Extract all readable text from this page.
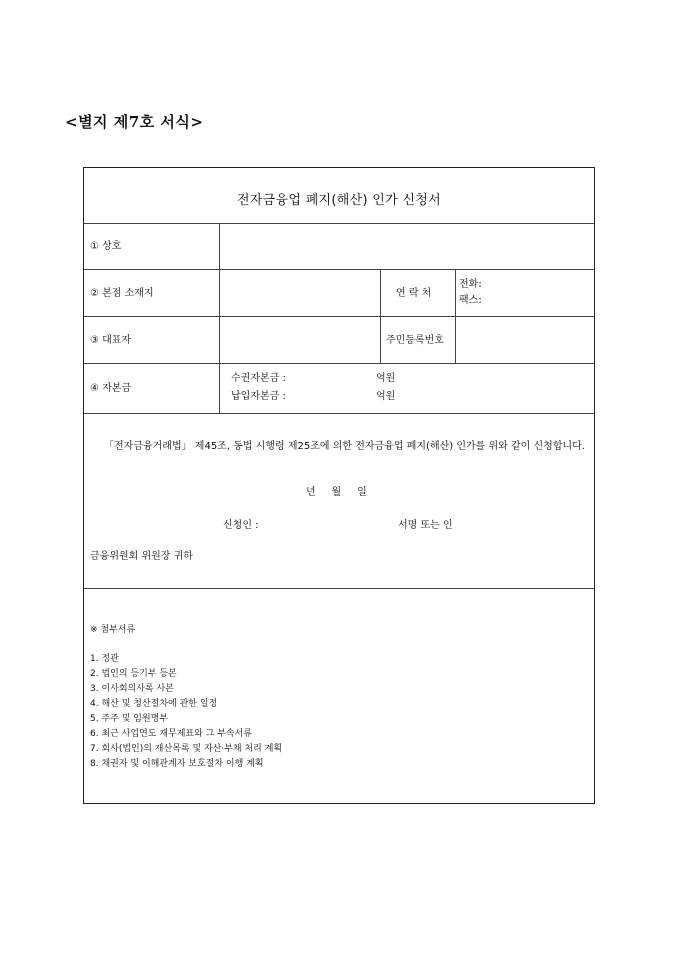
<별지 제7호 서식>
전자금융업 폐지(해산) 인가 신청서
① 상호
② 본점 소재지	연 락 처
전화:
팩스:
③ 대표자	주민등록번호
④ 자본금
수권자본금 :	억원
납입자본금 :	억원
「전자금융거래법」 제45조, 동법 시행령 제25조에 의한 전자금융업 폐지(해산) 인가를 위와 같이 신청합니다.
년     월     일
신청인 :	서명 또는 인
금융위원회 위원장 귀하
※ 첨부서류
1. 정관
2. 법인의 등기부 등본
3. 이사회의사록 사본
4. 해산 및 청산절차에 관한 일정
5. 주주 및 임원명부
6. 최근 사업연도 재무제표와 그 부속서류
7. 회사(법인)의 재산목록 및 자산·부채 처리 계획
8. 채권자 및 이해관계자 보호절차 이행 계획
